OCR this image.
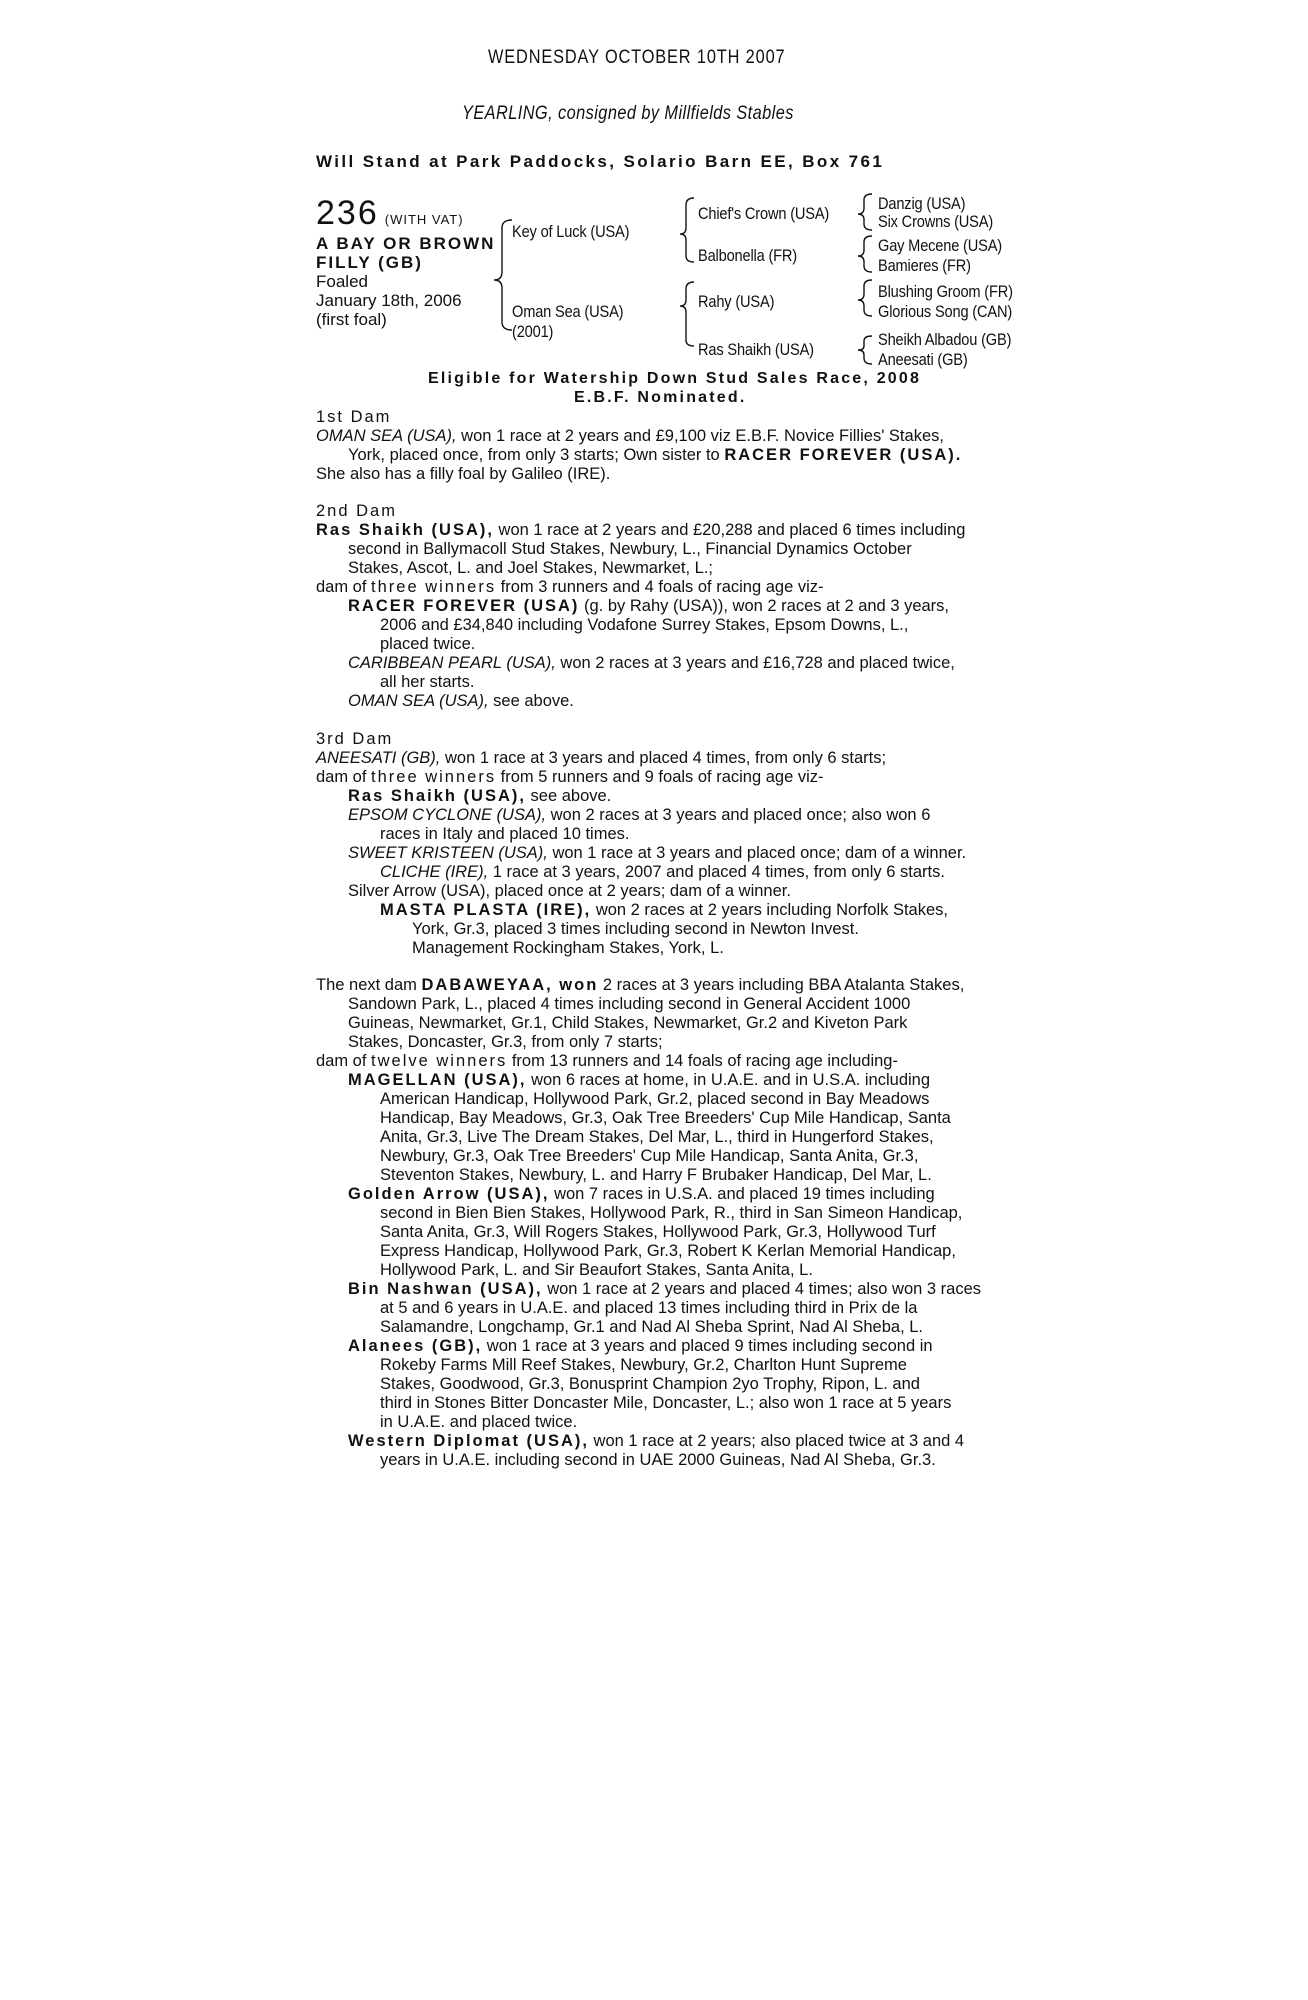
WEDNESDAY OCTOBER 10TH 2007
YEARLING, consigned by Millfields Stables
Will Stand at Park Paddocks, Solario Barn EE, Box 761
236 (WITH VAT)
A BAY OR BROWN
FILLY (GB)
Foaled
January 18th, 2006
(first foal)
Key of Luck (USA)
Oman Sea (USA)
(2001)
Chief's Crown (USA)
Balbonella (FR)
Rahy (USA)
Ras Shaikh (USA)
Danzig (USA)
Six Crowns (USA)
Gay Mecene (USA)
Bamieres (FR)
Blushing Groom (FR)
Glorious Song (CAN)
Sheikh Albadou (GB)
Aneesati (GB)
Eligible for Watership Down Stud Sales Race, 2008
E.B.F. Nominated.
1st Dam
OMAN SEA (USA), won 1 race at 2 years and £9,100 viz E.B.F. Novice Fillies' Stakes,
York, placed once, from only 3 starts; Own sister to RACER FOREVER (USA).
She also has a filly foal by Galileo (IRE).
2nd Dam
Ras Shaikh (USA), won 1 race at 2 years and £20,288 and placed 6 times including
second in Ballymacoll Stud Stakes, Newbury, L., Financial Dynamics October
Stakes, Ascot, L. and Joel Stakes, Newmarket, L.;
dam of three winners from 3 runners and 4 foals of racing age viz-
RACER FOREVER (USA) (g. by Rahy (USA)), won 2 races at 2 and 3 years,
2006 and £34,840 including Vodafone Surrey Stakes, Epsom Downs, L.,
placed twice.
CARIBBEAN PEARL (USA), won 2 races at 3 years and £16,728 and placed twice,
all her starts.
OMAN SEA (USA), see above.
3rd Dam
ANEESATI (GB), won 1 race at 3 years and placed 4 times, from only 6 starts;
dam of three winners from 5 runners and 9 foals of racing age viz-
Ras Shaikh (USA), see above.
EPSOM CYCLONE (USA), won 2 races at 3 years and placed once; also won 6
races in Italy and placed 10 times.
SWEET KRISTEEN (USA), won 1 race at 3 years and placed once; dam of a winner.
CLICHE (IRE), 1 race at 3 years, 2007 and placed 4 times, from only 6 starts.
Silver Arrow (USA), placed once at 2 years; dam of a winner.
MASTA PLASTA (IRE), won 2 races at 2 years including Norfolk Stakes,
York, Gr.3, placed 3 times including second in Newton Invest.
Management Rockingham Stakes, York, L.
The next dam DABAWEYAA, won 2 races at 3 years including BBA Atalanta Stakes,
Sandown Park, L., placed 4 times including second in General Accident 1000
Guineas, Newmarket, Gr.1, Child Stakes, Newmarket, Gr.2 and Kiveton Park
Stakes, Doncaster, Gr.3, from only 7 starts;
dam of twelve winners from 13 runners and 14 foals of racing age including-
MAGELLAN (USA), won 6 races at home, in U.A.E. and in U.S.A. including
American Handicap, Hollywood Park, Gr.2, placed second in Bay Meadows
Handicap, Bay Meadows, Gr.3, Oak Tree Breeders' Cup Mile Handicap, Santa
Anita, Gr.3, Live The Dream Stakes, Del Mar, L., third in Hungerford Stakes,
Newbury, Gr.3, Oak Tree Breeders' Cup Mile Handicap, Santa Anita, Gr.3,
Steventon Stakes, Newbury, L. and Harry F Brubaker Handicap, Del Mar, L.
Golden Arrow (USA), won 7 races in U.S.A. and placed 19 times including
second in Bien Bien Stakes, Hollywood Park, R., third in San Simeon Handicap,
Santa Anita, Gr.3, Will Rogers Stakes, Hollywood Park, Gr.3, Hollywood Turf
Express Handicap, Hollywood Park, Gr.3, Robert K Kerlan Memorial Handicap,
Hollywood Park, L. and Sir Beaufort Stakes, Santa Anita, L.
Bin Nashwan (USA), won 1 race at 2 years and placed 4 times; also won 3 races
at 5 and 6 years in U.A.E. and placed 13 times including third in Prix de la
Salamandre, Longchamp, Gr.1 and Nad Al Sheba Sprint, Nad Al Sheba, L.
Alanees (GB), won 1 race at 3 years and placed 9 times including second in
Rokeby Farms Mill Reef Stakes, Newbury, Gr.2, Charlton Hunt Supreme
Stakes, Goodwood, Gr.3, Bonusprint Champion 2yo Trophy, Ripon, L. and
third in Stones Bitter Doncaster Mile, Doncaster, L.; also won 1 race at 5 years
in U.A.E. and placed twice.
Western Diplomat (USA), won 1 race at 2 years; also placed twice at 3 and 4
years in U.A.E. including second in UAE 2000 Guineas, Nad Al Sheba, Gr.3.
